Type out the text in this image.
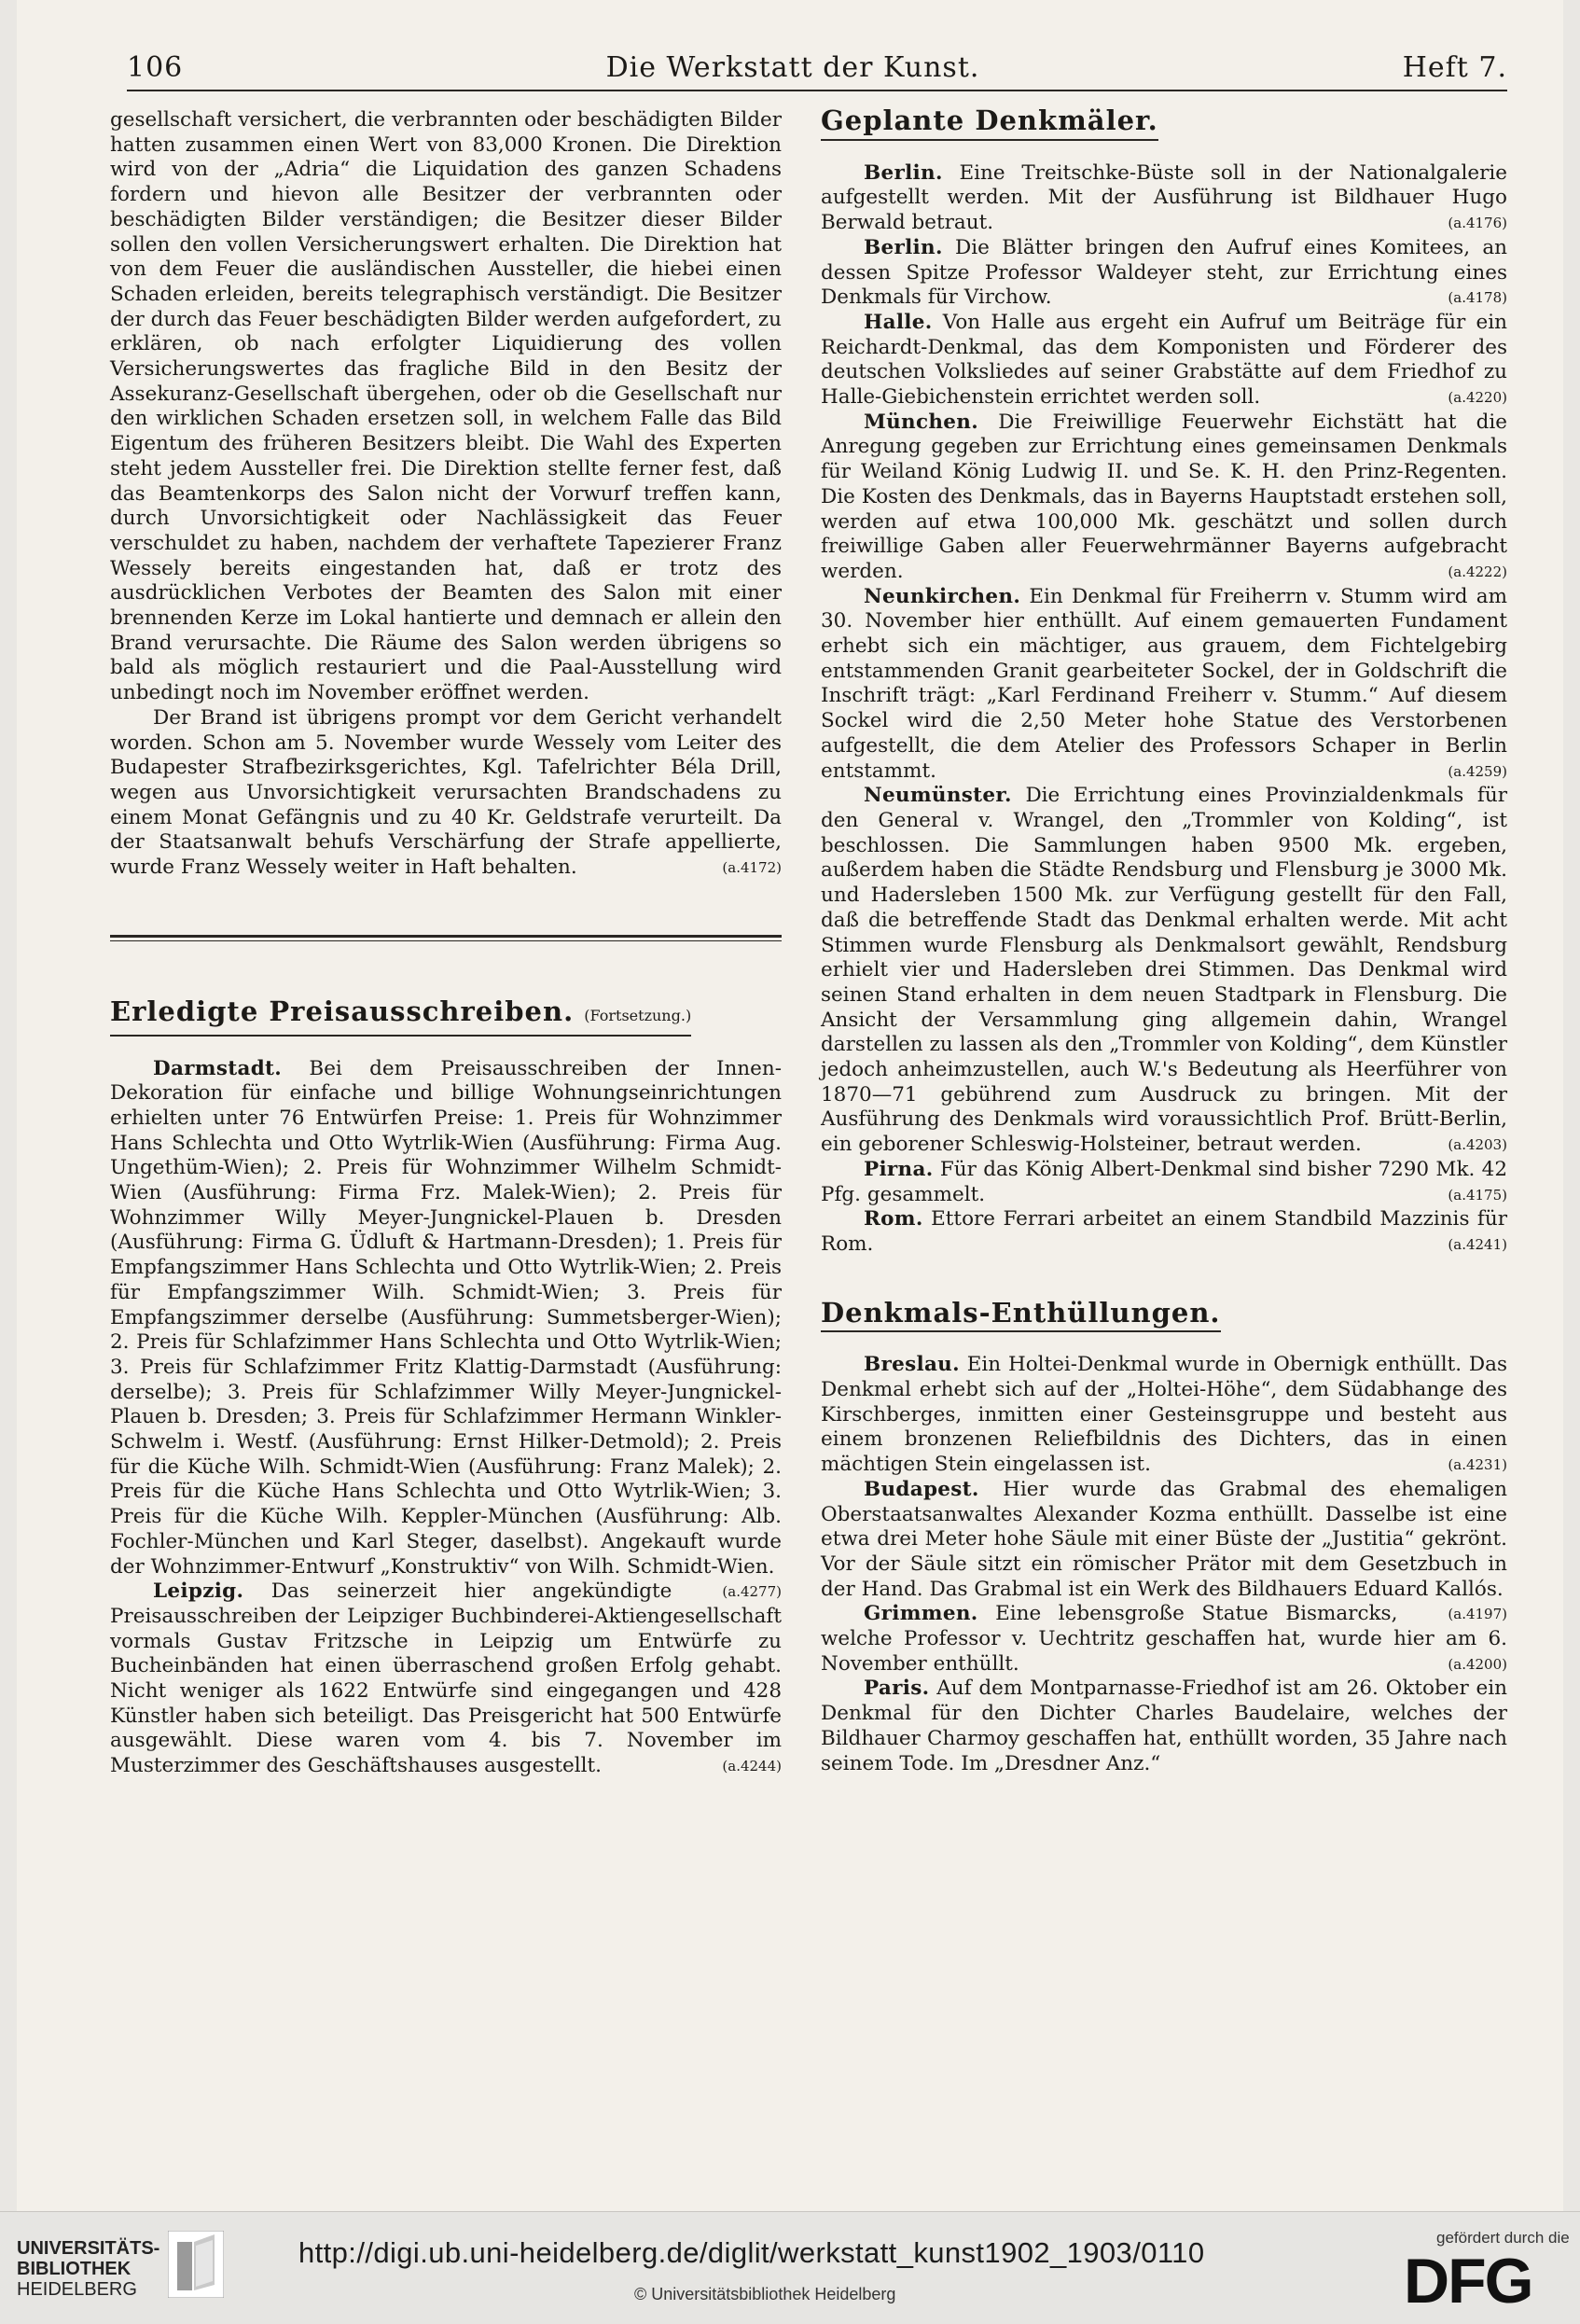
106	Die Werkstatt der Kunst.	Heft 7.

gesellschaft versichert, die verbrannten oder beschädigten Bilder hatten zusammen einen Wert von 83,000 Kronen. Die Direktion wird von der „Adria“ die Liquidation des ganzen Schadens fordern und hievon alle Besitzer der verbrannten oder beschädigten Bilder verständigen; die Besitzer dieser Bilder sollen den vollen Versicherungswert erhalten. Die Direktion hat von dem Feuer die ausländischen Aussteller, die hiebei einen Schaden erleiden, bereits telegraphisch verständigt. Die Besitzer der durch das Feuer beschädigten Bilder werden aufgefordert, zu erklären, ob nach erfolgter Liquidierung des vollen Versicherungswertes das fragliche Bild in den Besitz der Assekuranz-Gesellschaft übergehen, oder ob die Gesellschaft nur den wirklichen Schaden ersetzen soll, in welchem Falle das Bild Eigentum des früheren Besitzers bleibt. Die Wahl des Experten steht jedem Aussteller frei. Die Direktion stellte ferner fest, daß das Beamtenkorps des Salon nicht der Vorwurf treffen kann, durch Unvorsichtigkeit oder Nachlässigkeit das Feuer verschuldet zu haben, nachdem der verhaftete Tapezierer Franz Wessely bereits eingestanden hat, daß er trotz des ausdrücklichen Verbotes der Beamten des Salon mit einer brennenden Kerze im Lokal hantierte und demnach er allein den Brand verursachte. Die Räume des Salon werden übrigens so bald als möglich restauriert und die Paal-Ausstellung wird unbedingt noch im November eröffnet werden.

Der Brand ist übrigens prompt vor dem Gericht verhandelt worden. Schon am 5. November wurde Wessely vom Leiter des Budapester Strafbezirksgerichtes, Kgl. Tafelrichter Béla Drill, wegen aus Unvorsichtigkeit verursachten Brandschadens zu einem Monat Gefängnis und zu 40 Kr. Geldstrafe verurteilt. Da der Staatsanwalt behufs Verschärfung der Strafe appellierte, wurde Franz Wessely weiter in Haft behalten.	(a.4172)

Erledigte Preisausschreiben. (Fortsetzung.)

Darmstadt. Bei dem Preisausschreiben der Innen-Dekoration für einfache und billige Wohnungseinrichtungen erhielten unter 76 Entwürfen Preise: 1. Preis für Wohnzimmer Hans Schlechta und Otto Wytrlik-Wien (Ausführung: Firma Aug. Ungethüm-Wien); 2. Preis für Wohnzimmer Wilhelm Schmidt-Wien (Ausführung: Firma Frz. Malek-Wien); 2. Preis für Wohnzimmer Willy Meyer-Jungnickel-Plauen b. Dresden (Ausführung: Firma G. Üdluft & Hartmann-Dresden); 1. Preis für Empfangszimmer Hans Schlechta und Otto Wytrlik-Wien; 2. Preis für Empfangszimmer Wilh. Schmidt-Wien; 3. Preis für Empfangszimmer derselbe (Ausführung: Summetsberger-Wien); 2. Preis für Schlafzimmer Hans Schlechta und Otto Wytrlik-Wien; 3. Preis für Schlafzimmer Fritz Klattig-Darmstadt (Ausführung: derselbe); 3. Preis für Schlafzimmer Willy Meyer-Jungnickel-Plauen b. Dresden; 3. Preis für Schlafzimmer Hermann Winkler-Schwelm i. Westf. (Ausführung: Ernst Hilker-Detmold); 2. Preis für die Küche Wilh. Schmidt-Wien (Ausführung: Franz Malek); 2. Preis für die Küche Hans Schlechta und Otto Wytrlik-Wien; 3. Preis für die Küche Wilh. Keppler-München (Ausführung: Alb. Fochler-München und Karl Steger, daselbst). Angekauft wurde der Wohnzimmer-Entwurf „Konstruktiv“ von Wilh. Schmidt-Wien.
(a.4277)

Leipzig. Das seinerzeit hier angekündigte Preisausschreiben der Leipziger Buchbinderei-Aktiengesellschaft vormals Gustav Fritzsche in Leipzig um Entwürfe zu Bucheinbänden hat einen überraschend großen Erfolg gehabt. Nicht weniger als 1622 Entwürfe sind eingegangen und 428 Künstler haben sich beteiligt. Das Preisgericht hat 500 Entwürfe ausgewählt. Diese waren vom 4. bis 7. November im Musterzimmer des Geschäftshauses ausgestellt.	(a.4244)

Geplante Denkmäler.

Berlin. Eine Treitschke-Büste soll in der Nationalgalerie aufgestellt werden. Mit der Ausführung ist Bildhauer Hugo Berwald betraut.	(a.4176)

Berlin. Die Blätter bringen den Aufruf eines Komitees, an dessen Spitze Professor Waldeyer steht, zur Errichtung eines Denkmals für Virchow.	(a.4178)

Halle. Von Halle aus ergeht ein Aufruf um Beiträge für ein Reichardt-Denkmal, das dem Komponisten und Förderer des deutschen Volksliedes auf seiner Grabstätte auf dem Friedhof zu Halle-Giebichenstein errichtet werden soll.	(a.4220)

München. Die Freiwillige Feuerwehr Eichstätt hat die Anregung gegeben zur Errichtung eines gemeinsamen Denkmals für Weiland König Ludwig II. und Se. K. H. den Prinz-Regenten. Die Kosten des Denkmals, das in Bayerns Hauptstadt erstehen soll, werden auf etwa 100,000 Mk. geschätzt und sollen durch freiwillige Gaben aller Feuerwehrmänner Bayerns aufgebracht werden.	(a.4222)

Neunkirchen. Ein Denkmal für Freiherrn v. Stumm wird am 30. November hier enthüllt. Auf einem gemauerten Fundament erhebt sich ein mächtiger, aus grauem, dem Fichtelgebirg entstammenden Granit gearbeiteter Sockel, der in Goldschrift die Inschrift trägt: „Karl Ferdinand Freiherr v. Stumm.“ Auf diesem Sockel wird die 2,50 Meter hohe Statue des Verstorbenen aufgestellt, die dem Atelier des Professors Schaper in Berlin entstammt.	(a.4259)

Neumünster. Die Errichtung eines Provinzialdenkmals für den General v. Wrangel, den „Trommler von Kolding“, ist beschlossen. Die Sammlungen haben 9500 Mk. ergeben, außerdem haben die Städte Rendsburg und Flensburg je 3000 Mk. und Hadersleben 1500 Mk. zur Verfügung gestellt für den Fall, daß die betreffende Stadt das Denkmal erhalten werde. Mit acht Stimmen wurde Flensburg als Denkmalsort gewählt, Rendsburg erhielt vier und Hadersleben drei Stimmen. Das Denkmal wird seinen Stand erhalten in dem neuen Stadtpark in Flensburg. Die Ansicht der Versammlung ging allgemein dahin, Wrangel darstellen zu lassen als den „Trommler von Kolding“, dem Künstler jedoch anheimzustellen, auch W.'s Bedeutung als Heerführer von 1870—71 gebührend zum Ausdruck zu bringen. Mit der Ausführung des Denkmals wird voraussichtlich Prof. Brütt-Berlin, ein geborener Schleswig-Holsteiner, betraut werden.	(a.4203)

Pirna. Für das König Albert-Denkmal sind bisher 7290 Mk. 42 Pfg. gesammelt.	(a.4175)

Rom. Ettore Ferrari arbeitet an einem Standbild Mazzinis für Rom.	(a.4241)

Denkmals-Enthüllungen.

Breslau. Ein Holtei-Denkmal wurde in Obernigk enthüllt. Das Denkmal erhebt sich auf der „Holtei-Höhe“, dem Südabhange des Kirschberges, inmitten einer Gesteinsgruppe und besteht aus einem bronzenen Reliefbildnis des Dichters, das in einen mächtigen Stein eingelassen ist.	(a.4231)

Budapest. Hier wurde das Grabmal des ehemaligen Oberstaatsanwaltes Alexander Kozma enthüllt. Dasselbe ist eine etwa drei Meter hohe Säule mit einer Büste der „Justitia“ gekrönt. Vor der Säule sitzt ein römischer Prätor mit dem Gesetzbuch in der Hand. Das Grabmal ist ein Werk des Bildhauers Eduard Kallós.
(a.4197)

Grimmen. Eine lebensgroße Statue Bismarcks, welche Professor v. Uechtritz geschaffen hat, wurde hier am 6. November enthüllt.	(a.4200)

Paris. Auf dem Montparnasse-Friedhof ist am 26. Oktober ein Denkmal für den Dichter Charles Baudelaire, welches der Bildhauer Charmoy geschaffen hat, enthüllt worden, 35 Jahre nach seinem Tode. Im „Dresdner Anz.“

UNIVERSITÄTS-
BIBLIOTHEK
HEIDELBERG
http://digi.ub.uni-heidelberg.de/diglit/werkstatt_kunst1902_1903/0110
© Universitätsbibliothek Heidelberg
gefördert durch die
DFG
